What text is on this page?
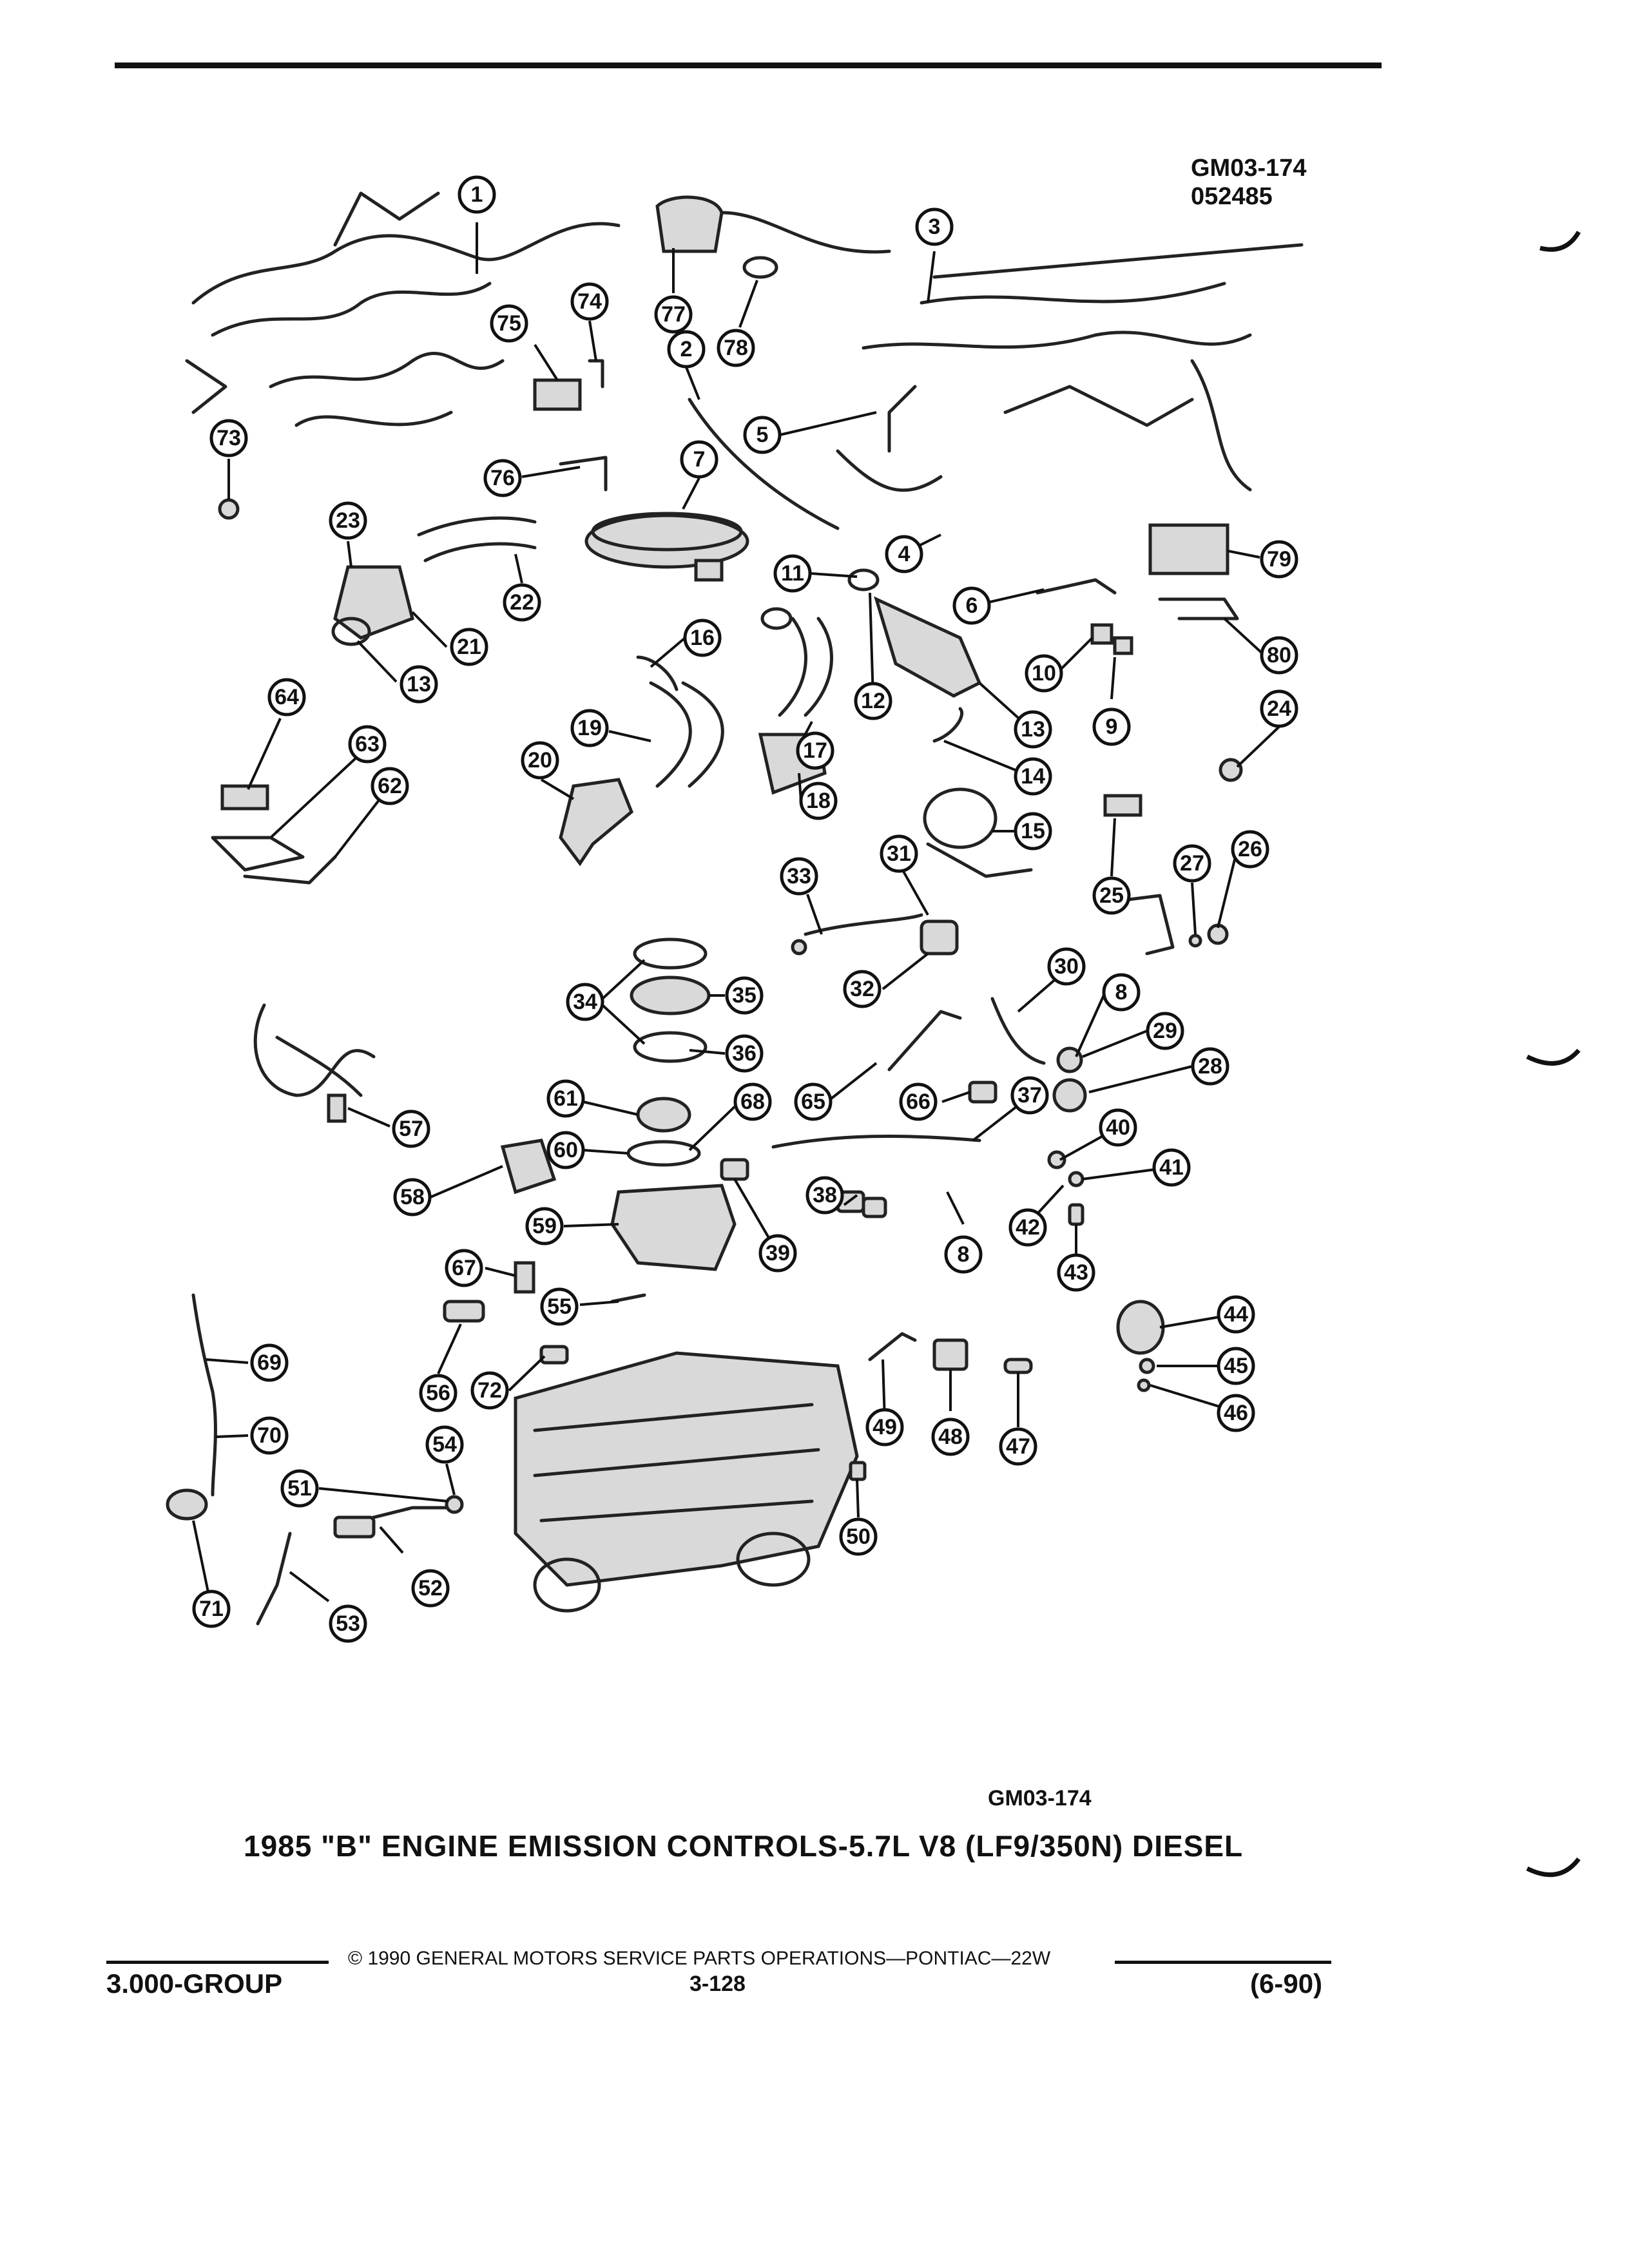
GM03-174
052485
1
2
3
4
5
6
7
8
8
9
10
11
12
13
13
14
15
16
17
18
19
20
21
22
23
24
25
26
27
28
29
30
31
32
33
34	35
36
37
38
39
40
41
42
43
44
45
46
47
48
49
50
51
52
53
54
55
56
57
58
59
60
61
62
63
64
65	66
67
68
69
70
71
72
73
74
75
76
77
78
79
80
GM03-174
1985 "B" ENGINE EMISSION CONTROLS-5.7L V8 (LF9/350N) DIESEL
© 1990 GENERAL MOTORS SERVICE PARTS OPERATIONS—PONTIAC—22W
3.000-GROUP	3-128	(6-90)
